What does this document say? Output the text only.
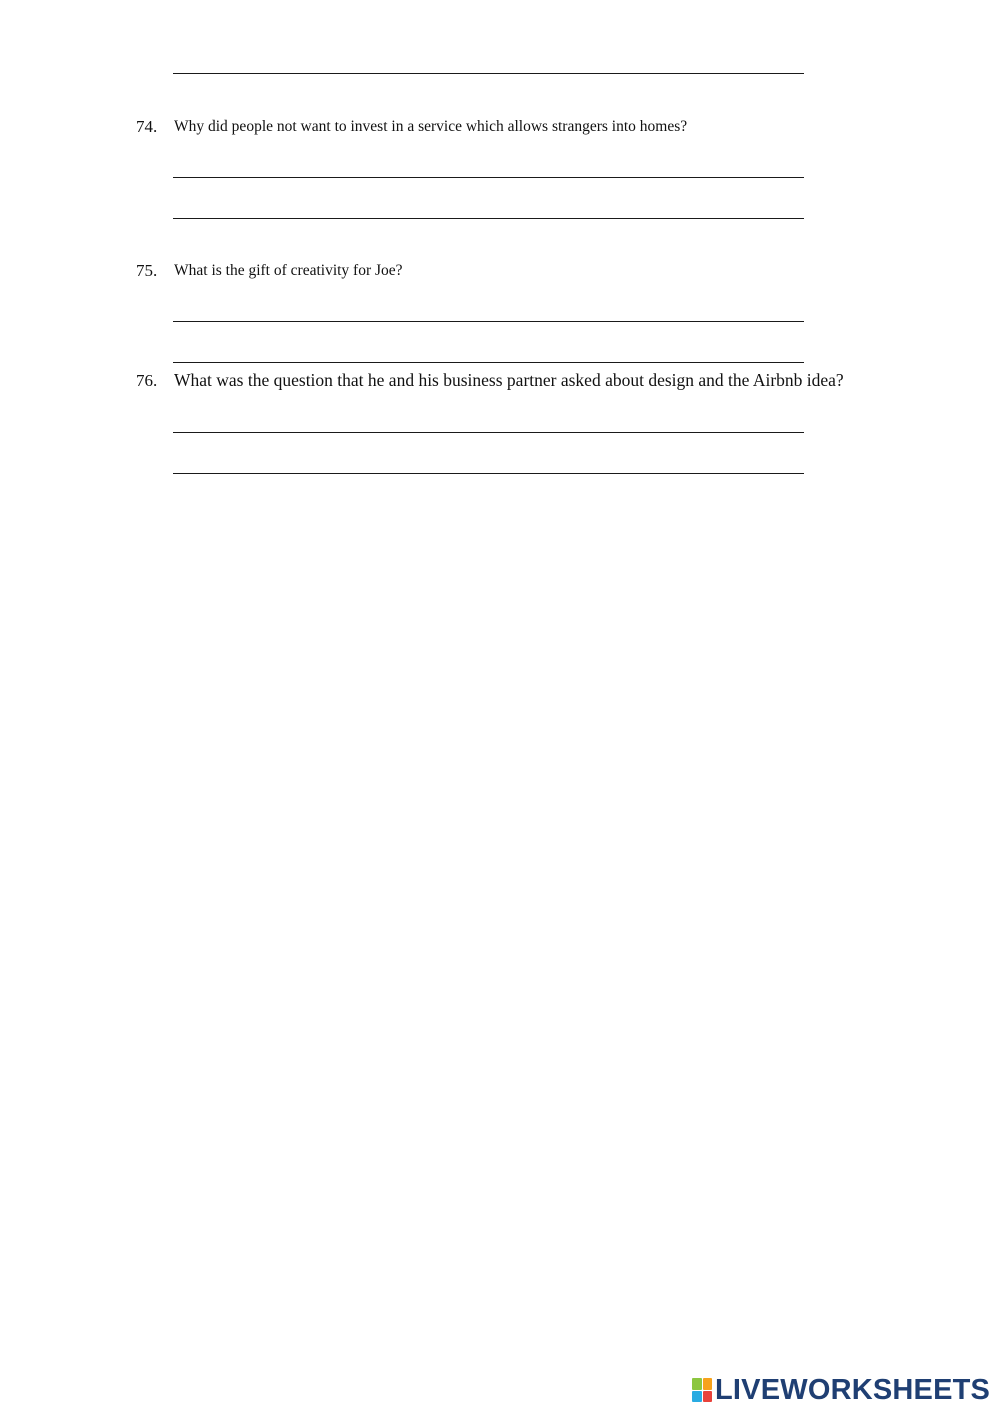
74. Why did people not want to invest in a service which allows strangers into homes?
75. What is the gift of creativity for Joe?
76. What was the question that he and his business partner asked about design and the Airbnb idea?
LIVEWORKSHEETS
